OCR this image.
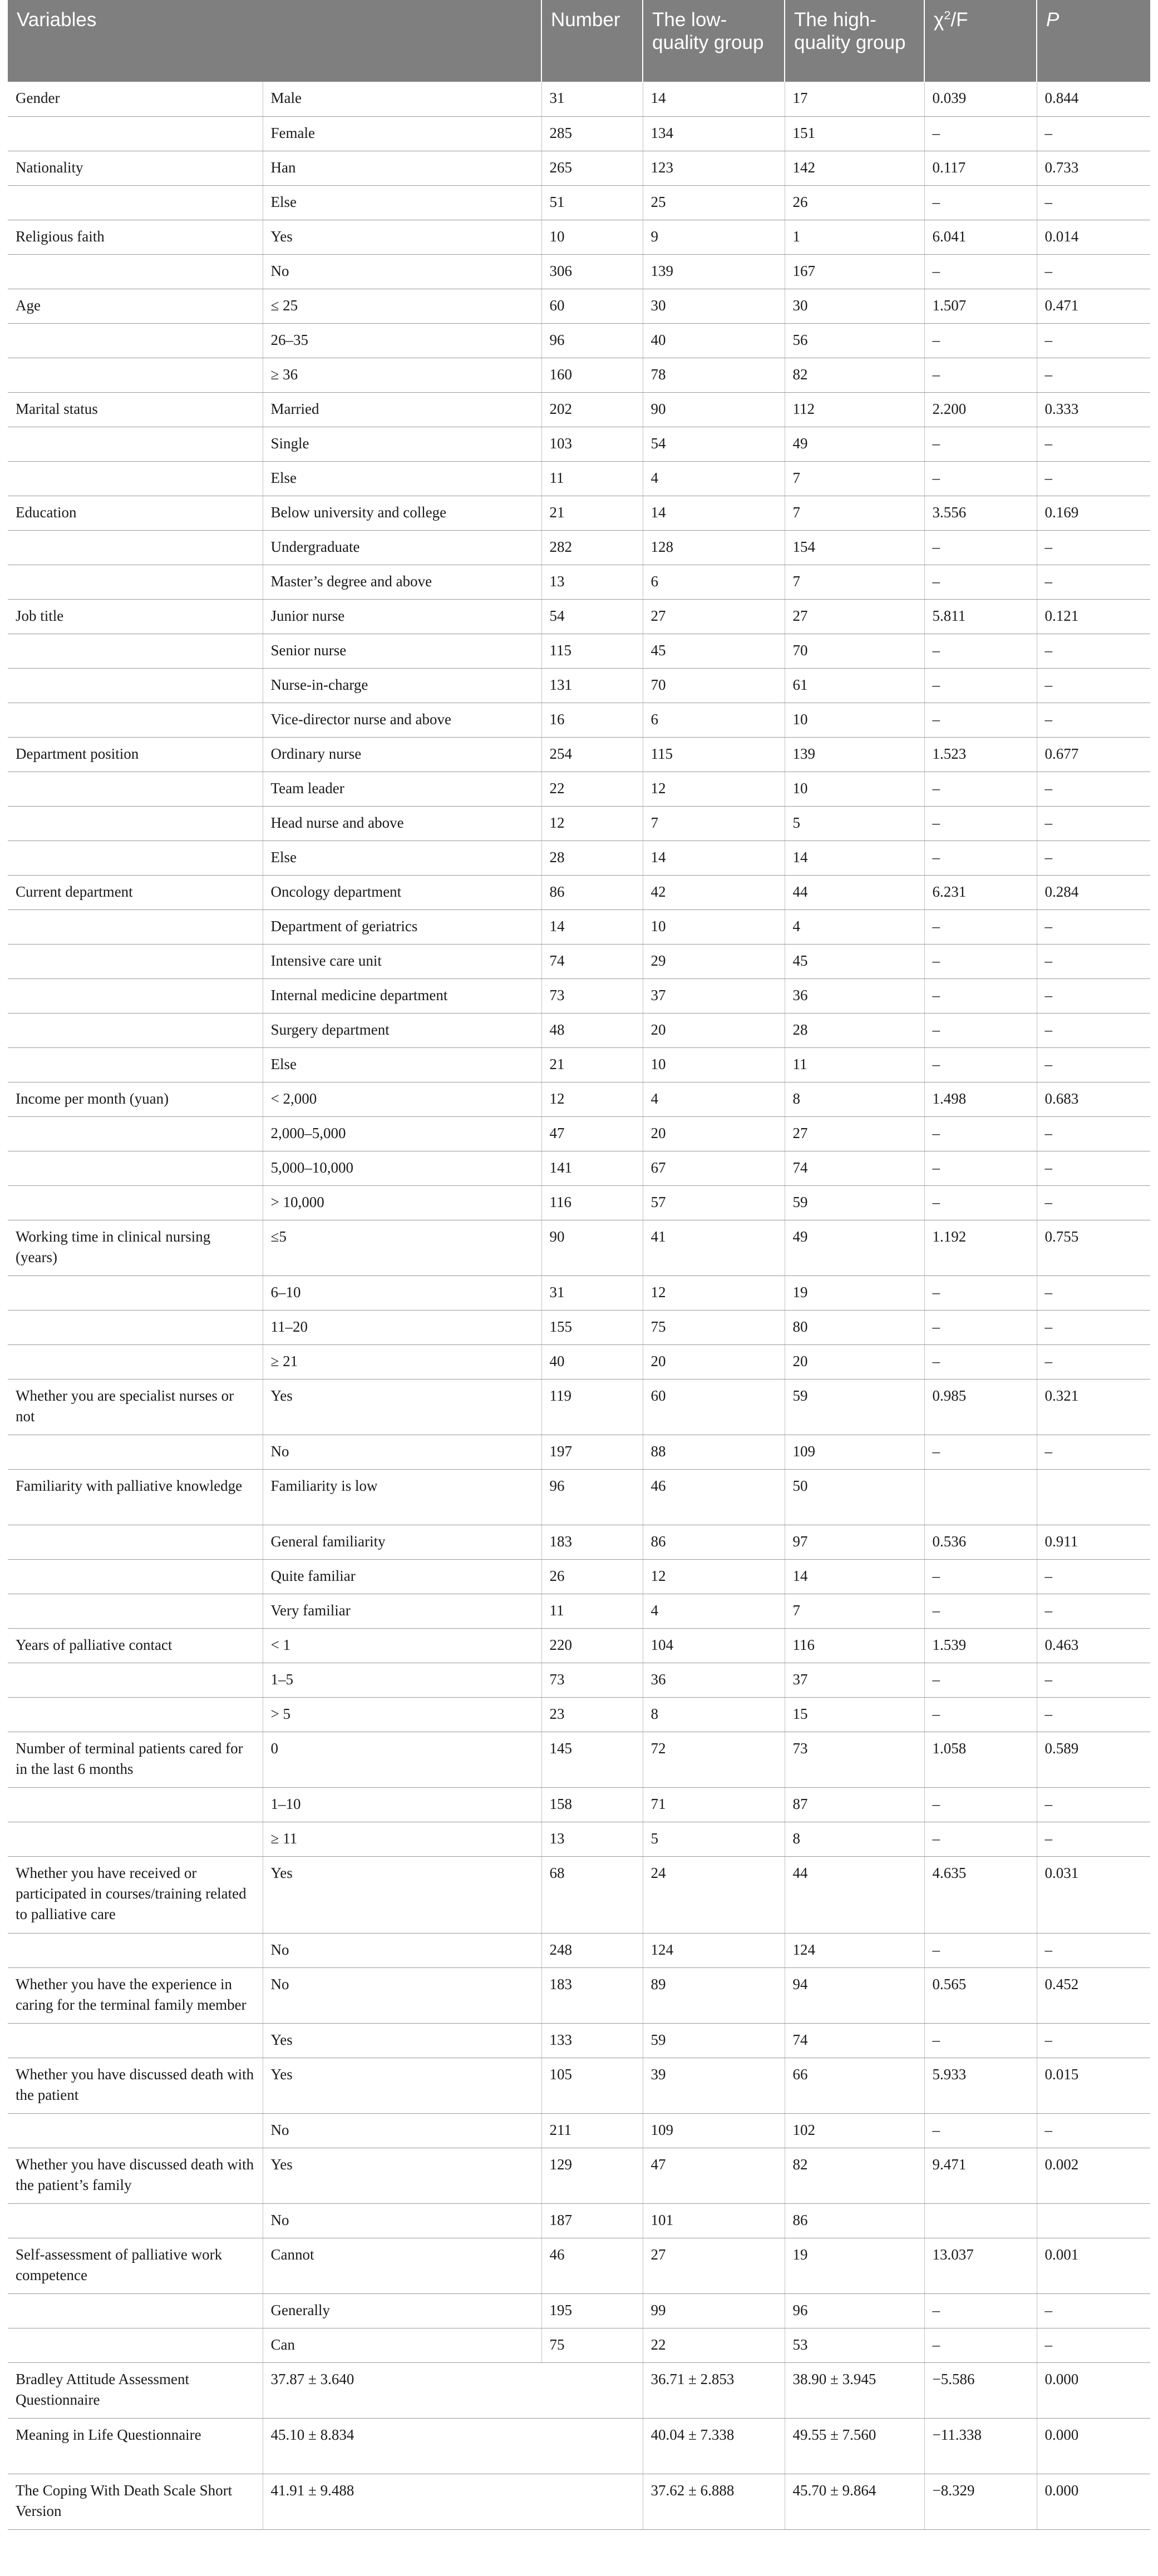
Variables		Number	The low-quality group	The high-quality group	$\chi^2/F$	P
Gender	Male	31	14	17	0.039	0.844
	Female	285	134	151	–	–
Nationality	Han	265	123	142	0.117	0.733
	Else	51	25	26	–	–
Religious faith	Yes	10	9	1	6.041	0.014
	No	306	139	167	–	–
Age	≤ 25	60	30	30	1.507	0.471
	26–35	96	40	56	–	–
	≥ 36	160	78	82	–	–
Marital status	Married	202	90	112	2.200	0.333
	Single	103	54	49	–	–
	Else	11	4	7	–	–
Education	Below university and college	21	14	7	3.556	0.169
	Undergraduate	282	128	154	–	–
	Master’s degree and above	13	6	7	–	–
Job title	Junior nurse	54	27	27	5.811	0.121
	Senior nurse	115	45	70	–	–
	Nurse-in-charge	131	70	61	–	–
	Vice-director nurse and above	16	6	10	–	–
Department position	Ordinary nurse	254	115	139	1.523	0.677
	Team leader	22	12	10	–	–
	Head nurse and above	12	7	5	–	–
	Else	28	14	14	–	–
Current department	Oncology department	86	42	44	6.231	0.284
	Department of geriatrics	14	10	4	–	–
	Intensive care unit	74	29	45	–	–
	Internal medicine department	73	37	36	–	–
	Surgery department	48	20	28	–	–
	Else	21	10	11	–	–
Income per month (yuan)	< 2,000	12	4	8	1.498	0.683
	2,000–5,000	47	20	27	–	–
	5,000–10,000	141	67	74	–	–
	> 10,000	116	57	59	–	–
Working time in clinical nursing (years)	≤5	90	41	49	1.192	0.755
	6–10	31	12	19	–	–
	11–20	155	75	80	–	–
	≥ 21	40	20	20	–	–
Whether you are specialist nurses or not	Yes	119	60	59	0.985	0.321
	No	197	88	109	–	–
Familiarity with palliative knowledge	Familiarity is low	96	46	50		
	General familiarity	183	86	97	0.536	0.911
	Quite familiar	26	12	14	–	–
	Very familiar	11	4	7	–	–
Years of palliative contact	< 1	220	104	116	1.539	0.463
	1–5	73	36	37	–	–
	> 5	23	8	15	–	–
Number of terminal patients cared for in the last 6 months	0	145	72	73	1.058	0.589
	1–10	158	71	87	–	–
	≥ 11	13	5	8	–	–
Whether you have received or participated in courses/training related to palliative care	Yes	68	24	44	4.635	0.031
	No	248	124	124	–	–
Whether you have the experience in caring for the terminal family member	No	183	89	94	0.565	0.452
	Yes	133	59	74	–	–
Whether you have discussed death with the patient	Yes	105	39	66	5.933	0.015
	No	211	109	102	–	–
Whether you have discussed death with the patient’s family	Yes	129	47	82	9.471	0.002
	No	187	101	86		
Self-assessment of palliative work competence	Cannot	46	27	19	13.037	0.001
	Generally	195	99	96	–	–
	Can	75	22	53	–	–
Bradley Attitude Assessment Questionnaire	37.87 ± 3.640		36.71 ± 2.853	38.90 ± 3.945	−5.586	0.000
Meaning in Life Questionnaire	45.10 ± 8.834		40.04 ± 7.338	49.55 ± 7.560	−11.338	0.000
The Coping With Death Scale Short Version	41.91 ± 9.488		37.62 ± 6.888	45.70 ± 9.864	−8.329	0.000
